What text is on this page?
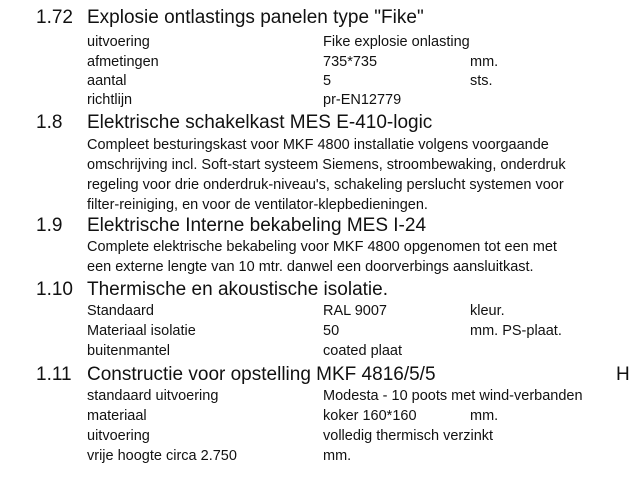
1.72 Explosie ontlastings panelen type "Fike"
uitvoering	Fike explosie onlasting
afmetingen	735*735	mm.
aantal	5	sts.
richtlijn	pr-EN12779
1.8 Elektrische schakelkast MES E-410-logic
Compleet besturingskast voor MKF 4800 installatie volgens voorgaande
omschrijving incl. Soft-start systeem Siemens, stroombewaking, onderdruk
regeling voor drie onderdruk-niveau's, schakeling perslucht systemen voor
filter-reiniging, en voor de ventilator-klepbedieningen.
1.9 Elektrische Interne bekabeling MES I-24
Complete elektrische bekabeling voor MKF 4800 opgenomen tot een met
een externe lengte van 10 mtr. danwel een doorverbings aansluitkast.
1.10 Thermische en akoustische isolatie.
Standaard	RAL 9007	kleur.
Materiaal isolatie	50	mm. PS-plaat.
buitenmantel	coated plaat
1.11 Constructie voor opstelling MKF 4816/5/5	H
standaard uitvoering	Modesta - 10 poots met wind-verbanden
materiaal	koker 160*160	mm.
uitvoering	volledig thermisch verzinkt
vrije hoogte circa 2.750	mm.
